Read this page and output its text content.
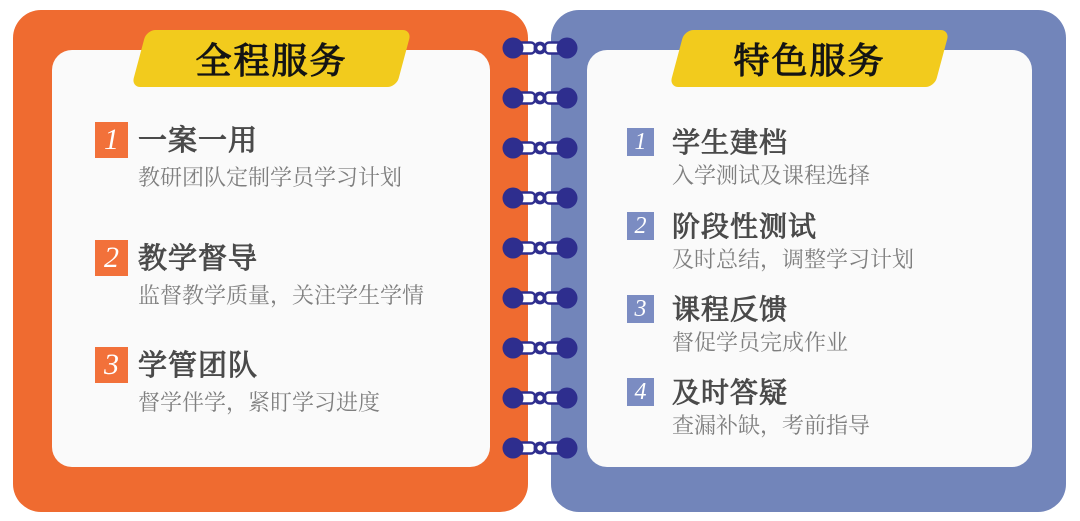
1 一案一用
教研团队定制学员学习计划
2 教学督导
监督教学质量，关注学生学情
3 学管团队
督学伴学，紧盯学习进度
全程服务
1 学生建档
入学测试及课程选择
2 阶段性测试
及时总结，调整学习计划
3 课程反馈
督促学员完成作业
4 及时答疑
查漏补缺，考前指导
特色服务
